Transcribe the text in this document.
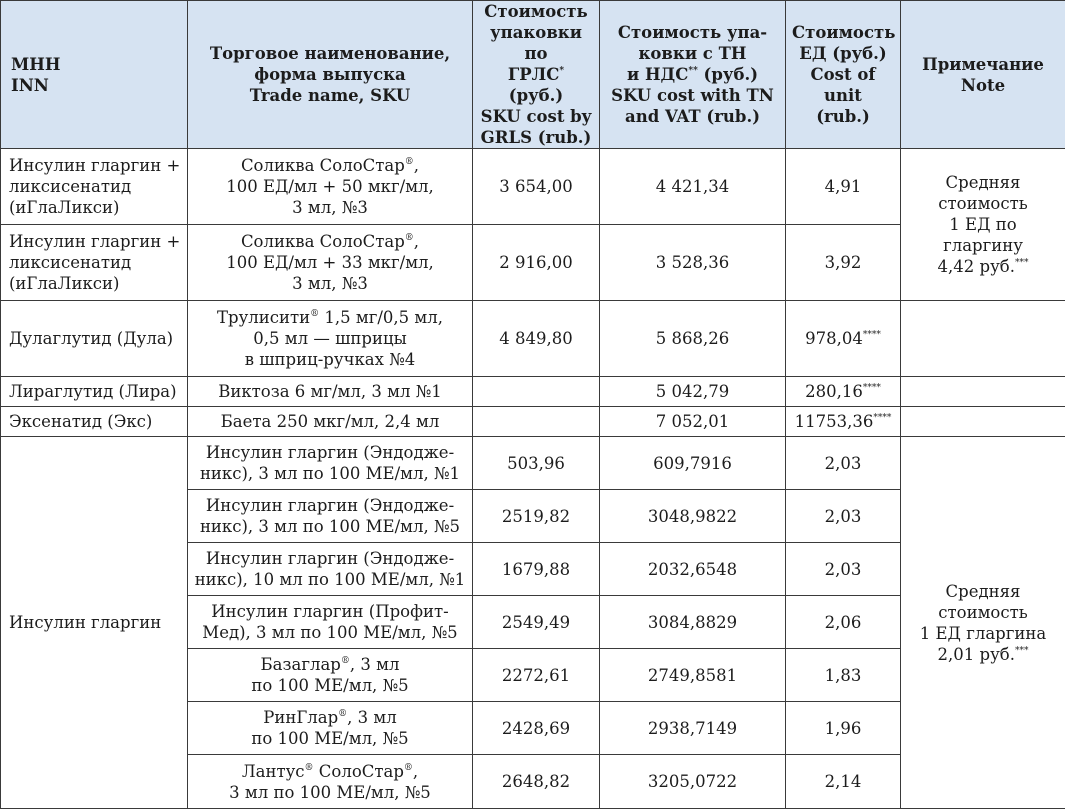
МНН
INN	Торговое наименование,
форма выпуска
Trade name, SKU	Стоимость
упаковки по
ГРЛС* (руб.)
SKU cost by
GRLS (rub.)	Стоимость упа-
ковки с ТН
и НДС** (руб.)
SKU cost with TN
and VAT (rub.)	Стоимость
ЕД (руб.)
Cost of unit
(rub.)	Примечание
Note

Инсулин гларгин +
ликсисенатид
(иГлаЛикси)	Соликва СолоСтар®,
100 ЕД/мл + 50 мкг/мл,
3 мл, №3	3 654,00	4 421,34	4,91	Средняя
стоимость
1 ЕД по гларгину
4,42 руб.***

Инсулин гларгин +
ликсисенатид
(иГлаЛикси)	Соликва СолоСтар®,
100 ЕД/мл + 33 мкг/мл,
3 мл, №3	2 916,00	3 528,36	3,92	
Дулаглутид (Дула)	Трулисити® 1,5 мг/0,5 мл,
0,5 мл — шприцы
в шприц-ручках №4	4 849,80	5 868,26	978,04****	
Лираглутид (Лира)	Виктоза 6 мг/мл, 3 мл №1		5 042,79	280,16****	
Эксенатид (Экс)	Баета 250 мкг/мл, 2,4 мл		7 052,01	11753,36****	
Инсулин гларгин	Инсулин гларгин (Эндодже-
никс), 3 мл по 100 МЕ/мл, №1	503,96	609,7916	2,03	Средняя
стоимость
1 ЕД гларгина
2,01 руб.***

	Инсулин гларгин (Эндодже-
никс), 3 мл по 100 МЕ/мл, №5	2519,82	3048,9822	2,03	

	Инсулин гларгин (Эндодже-
никс), 10 мл по 100 МЕ/мл, №1	1679,88	2032,6548	2,03	

	Инсулин гларгин (Профит-
Мед), 3 мл по 100 МЕ/мл, №5	2549,49	3084,8829	2,06	

	Базаглар®, 3 мл
по 100 МЕ/мл, №5	2272,61	2749,8581	1,83	

	РинГлар®, 3 мл
по 100 МЕ/мл, №5	2428,69	2938,7149	1,96	

	Лантус® СолоСтар®,
3 мл по 100 МЕ/мл, №5	2648,82	3205,0722	2,14	
